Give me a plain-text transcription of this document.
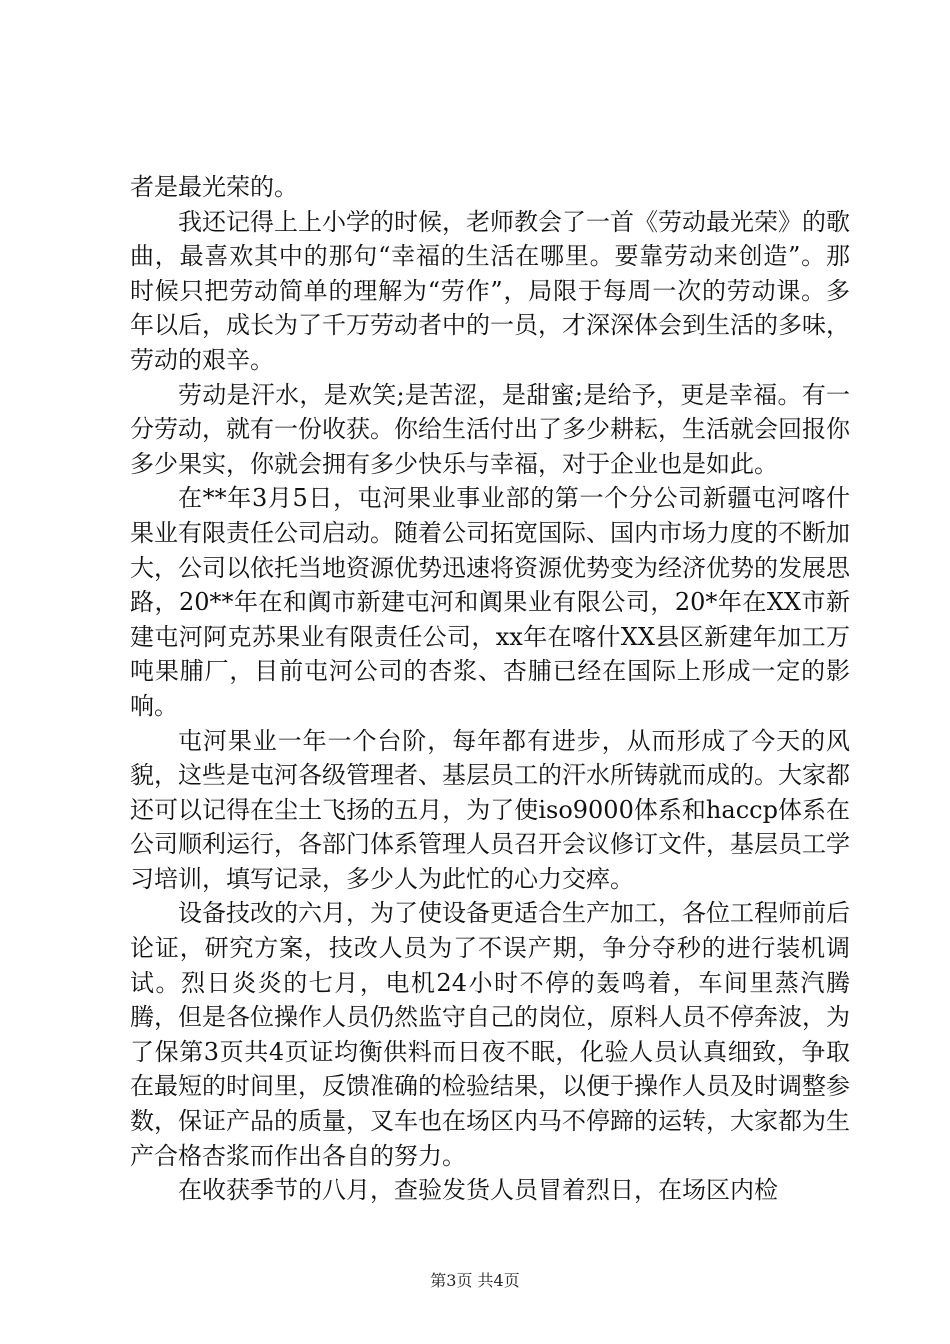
者是最光荣的。

我还记得上上小学的时候，老师教会了一首《劳动最光荣》的歌曲，最喜欢其中的那句“幸福的生活在哪里。要靠劳动来创造”。那时候只把劳动简单的理解为“劳作”，局限于每周一次的劳动课。多年以后，成长为了千万劳动者中的一员，才深深体会到生活的多味，劳动的艰辛。

劳动是汗水，是欢笑;是苦涩，是甜蜜;是给予，更是幸福。有一分劳动，就有一份收获。你给生活付出了多少耕耘，生活就会回报你多少果实，你就会拥有多少快乐与幸福，对于企业也是如此。

在**年3月5日，屯河果业事业部的第一个分公司新疆屯河喀什果业有限责任公司启动。随着公司拓宽国际、国内市场力度的不断加大，公司以依托当地资源优势迅速将资源优势变为经济优势的发展思路，20**年在和阗市新建屯河和阗果业有限公司，20*年在XX市新建屯河阿克苏果业有限责任公司，xx年在喀什XX县区新建年加工万吨果脯厂，目前屯河公司的杏浆、杏脯已经在国际上形成一定的影响。

屯河果业一年一个台阶，每年都有进步，从而形成了今天的风貌，这些是屯河各级管理者、基层员工的汗水所铸就而成的。大家都还可以记得在尘土飞扬的五月，为了使iso9000体系和haccp体系在公司顺利运行，各部门体系管理人员召开会议修订文件，基层员工学习培训，填写记录，多少人为此忙的心力交瘁。

设备技改的六月，为了使设备更适合生产加工，各位工程师前后论证，研究方案，技改人员为了不误产期，争分夺秒的进行装机调试。烈日炎炎的七月，电机24小时不停的轰鸣着，车间里蒸汽腾腾，但是各位操作人员仍然监守自己的岗位，原料人员不停奔波，为了保第3页共4页证均衡供料而日夜不眠，化验人员认真细致，争取在最短的时间里，反馈准确的检验结果，以便于操作人员及时调整参数，保证产品的质量，叉车也在场区内马不停蹄的运转，大家都为生产合格杏浆而作出各自的努力。

在收获季节的八月，查验发货人员冒着烈日，在场区内检

第3页 共4页
